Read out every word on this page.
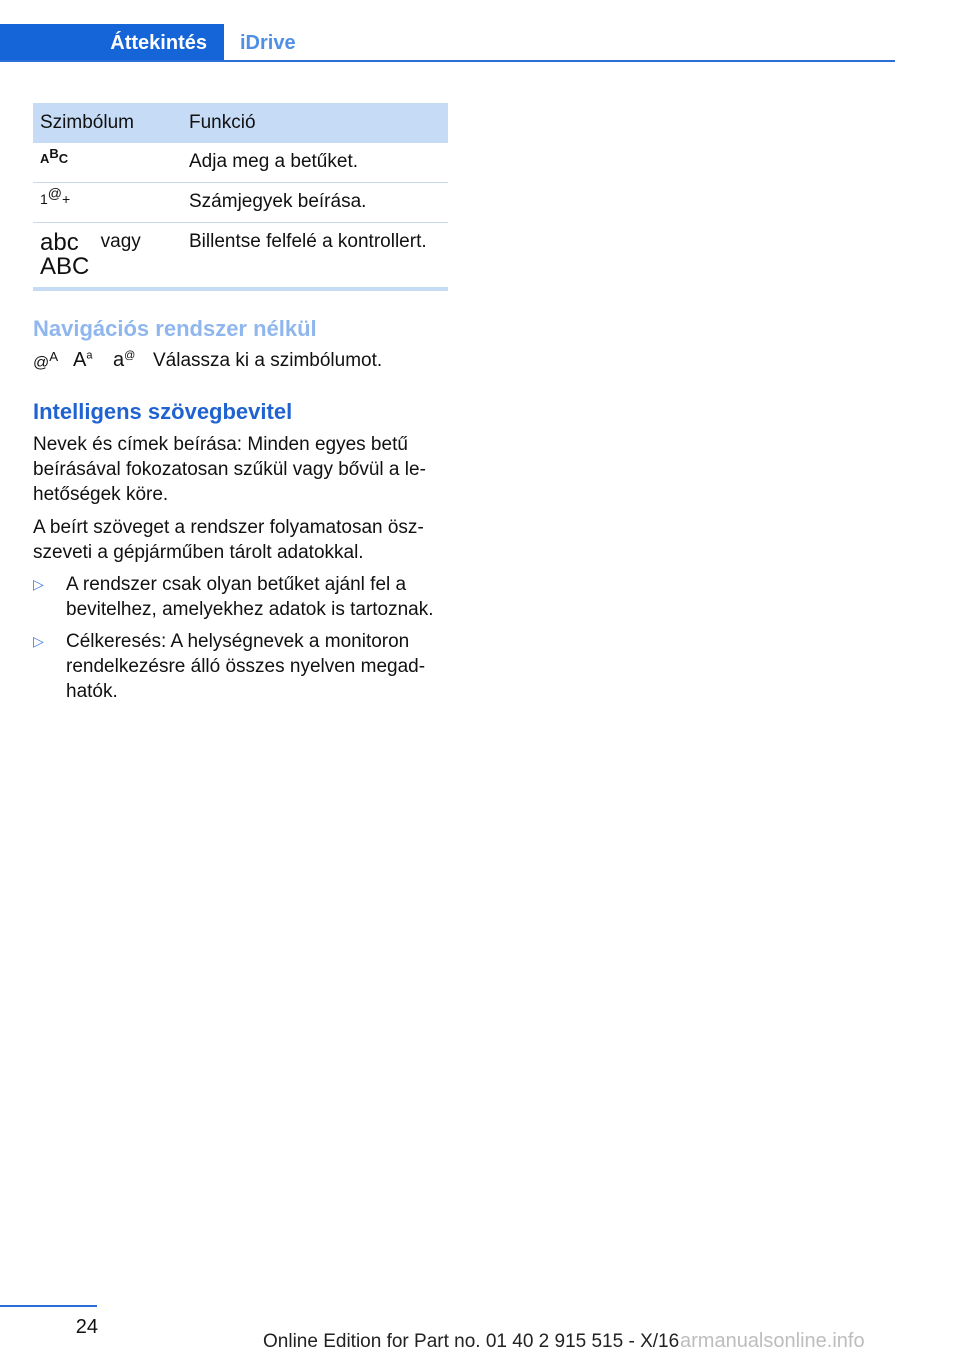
Áttekintés	iDrive
Szimbólum	Funkció
ABC	Adja meg a betűket.
1@+	Számjegyek beírása.
abc
ABC
vagy	Billentse felfelé a kontrollert.
Navigációs rendszer nélkül
@$^A$ $A^a$	a@ Válassza ki a szimbólumot.
Intelligens szövegbevitel

Nevek és címek beírása: Minden egyes betű beírásával fokozatosan szűkül vagy bővül a lehetőségek köre.

A beírt szöveget a rendszer folyamatosan öszszeveti a gépjárműben tárolt adatokkal.

▷ A rendszer csak olyan betűket ajánl fel a bevitelhez, amelyekhez adatok is tartoznak.
▷ Célkeresés: A helységnevek a monitoron rendelkezésre álló összes nyelven megadhatók.
24
Online Edition for Part no. 01 40 2 915 515 - X/16 armanualsonline.info
